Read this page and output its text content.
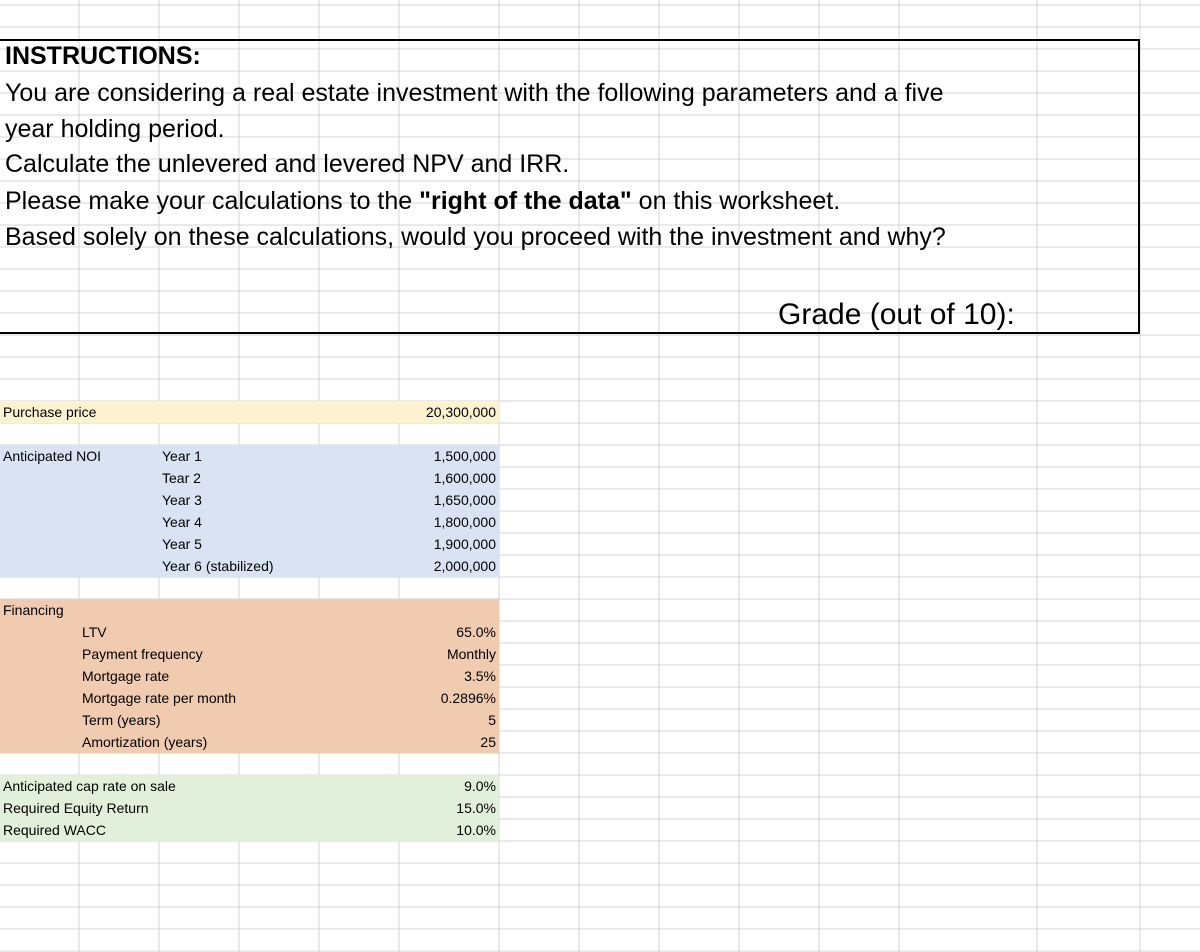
INSTRUCTIONS:
You are considering a real estate investment with the following parameters and a five
year holding period.
Calculate the unlevered and levered NPV and IRR.
Please make your calculations to the "right of the data" on this worksheet.
Based solely on these calculations, would you proceed with the investment and why?
Grade (out of 10):
Purchase price	20,300,000
Anticipated NOI	Year 1	1,500,000
Tear 2	1,600,000
Year 3	1,650,000
Year 4	1,800,000
Year 5	1,900,000
Year 6 (stabilized)	2,000,000
Financing
LTV	65.0%
Payment frequency	Monthly
Mortgage rate	3.5%
Mortgage rate per month	0.2896%
Term (years)	5
Amortization (years)	25
Anticipated cap rate on sale	9.0%
Required Equity Return	15.0%
Required WACC	10.0%
